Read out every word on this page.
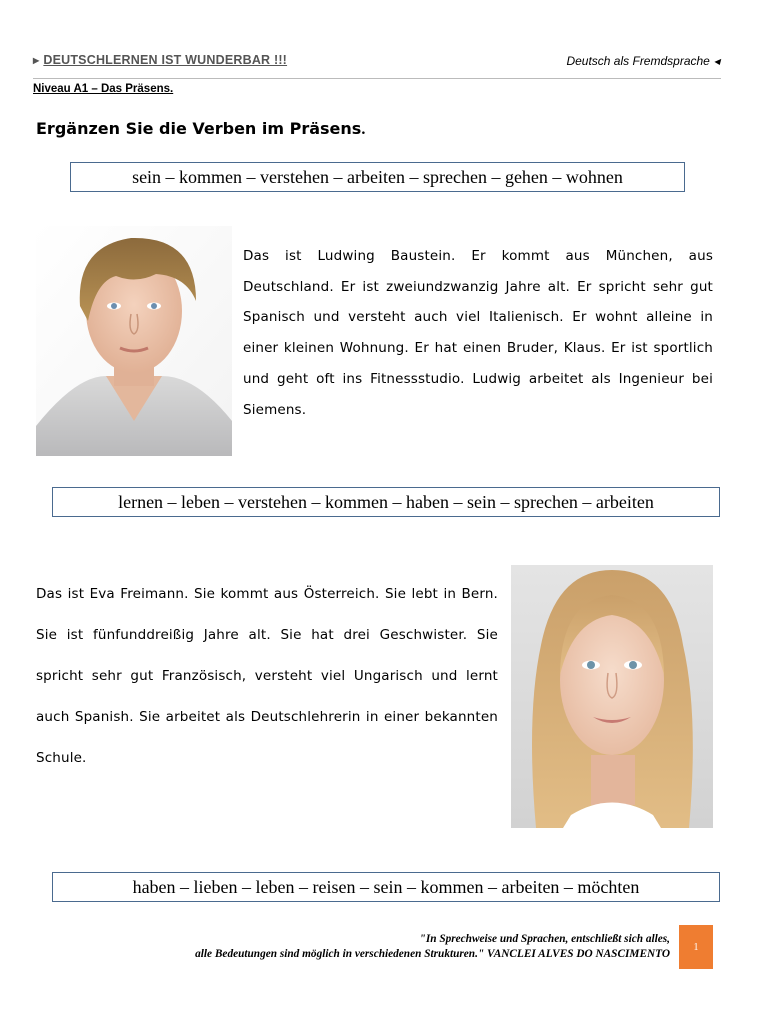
▶ DEUTSCHLERNEN IST WUNDERBAR !!!	Deutsch als Fremdsprache ◀
Niveau A1 – Das Präsens.
Ergänzen Sie die Verben im Präsens.
sein – kommen – verstehen – arbeiten – sprechen – gehen – wohnen
Das ist Ludwing Baustein. Er kommt aus München, aus Deutschland. Er ist zweiundzwanzig Jahre alt. Er spricht sehr gut Spanisch und versteht auch viel Italienisch. Er wohnt alleine in einer kleinen Wohnung. Er hat einen Bruder, Klaus. Er ist sportlich und geht oft ins Fitnessstudio. Ludwig arbeitet als Ingenieur bei Siemens.
lernen – leben – verstehen – kommen – haben – sein – sprechen – arbeiten
Das ist Eva Freimann. Sie kommt aus Österreich. Sie lebt in Bern. Sie ist fünfunddreißig Jahre alt. Sie hat drei Geschwister. Sie spricht sehr gut Französisch, versteht viel Ungarisch und lernt auch Spanish. Sie arbeitet als Deutschlehrerin in einer bekannten Schule.
haben – lieben – leben – reisen – sein – kommen – arbeiten – möchten
"In Sprechweise und Sprachen, entschließt sich alles,
alle Bedeutungen sind möglich in verschiedenen Strukturen." VANCLEI ALVES DO NASCIMENTO
1
